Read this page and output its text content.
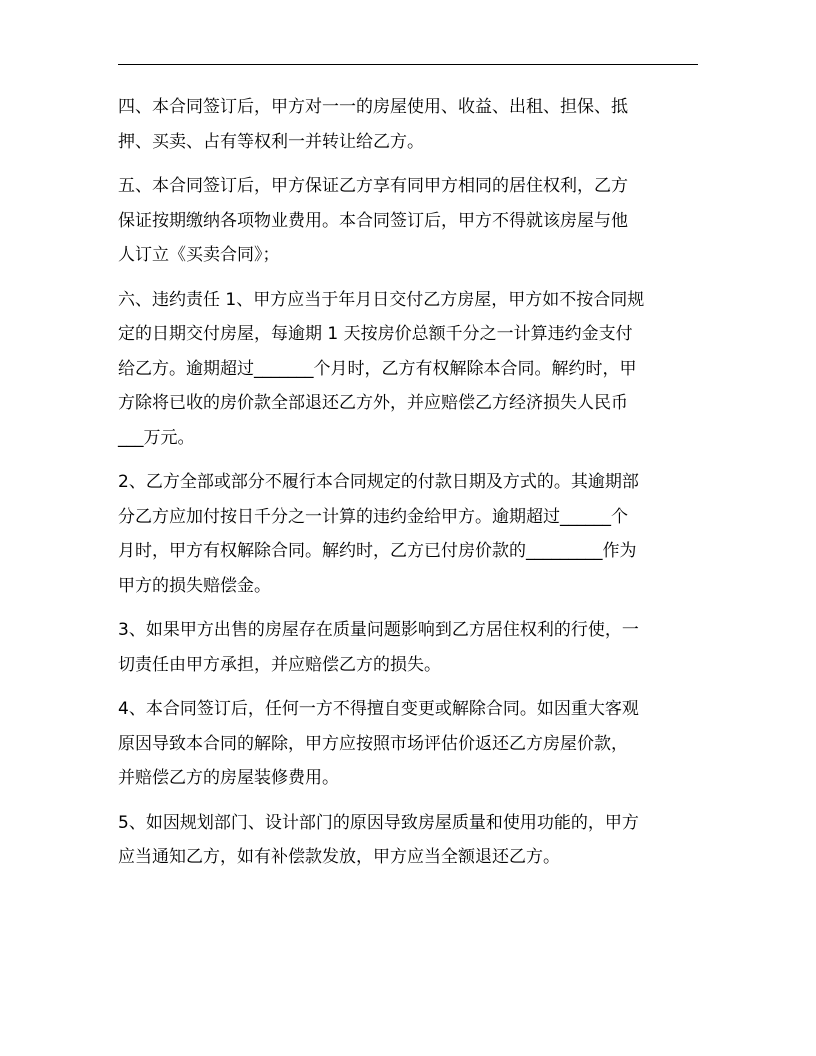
四、本合同签订后，甲方对一一的房屋使用、收益、出租、担保、抵
押、买卖、占有等权利一并转让给乙方。

五、本合同签订后，甲方保证乙方享有同甲方相同的居住权利，乙方
保证按期缴纳各项物业费用。本合同签订后，甲方不得就该房屋与他
人订立《买卖合同》；

六、违约责任 1、甲方应当于年月日交付乙方房屋，甲方如不按合同规
定的日期交付房屋，每逾期 1 天按房价总额千分之一计算违约金支付
给乙方。逾期超过_______个月时，乙方有权解除本合同。解约时，甲
方除将已收的房价款全部退还乙方外，并应赔偿乙方经济损失人民币
___万元。

2、乙方全部或部分不履行本合同规定的付款日期及方式的。其逾期部
分乙方应加付按日千分之一计算的违约金给甲方。逾期超过______个
月时，甲方有权解除合同。解约时，乙方已付房价款的_________作为
甲方的损失赔偿金。

3、如果甲方出售的房屋存在质量问题影响到乙方居住权利的行使，一
切责任由甲方承担，并应赔偿乙方的损失。

4、本合同签订后，任何一方不得擅自变更或解除合同。如因重大客观
原因导致本合同的解除，甲方应按照市场评估价返还乙方房屋价款，
并赔偿乙方的房屋装修费用。

5、如因规划部门、设计部门的原因导致房屋质量和使用功能的，甲方
应当通知乙方，如有补偿款发放，甲方应当全额退还乙方。
